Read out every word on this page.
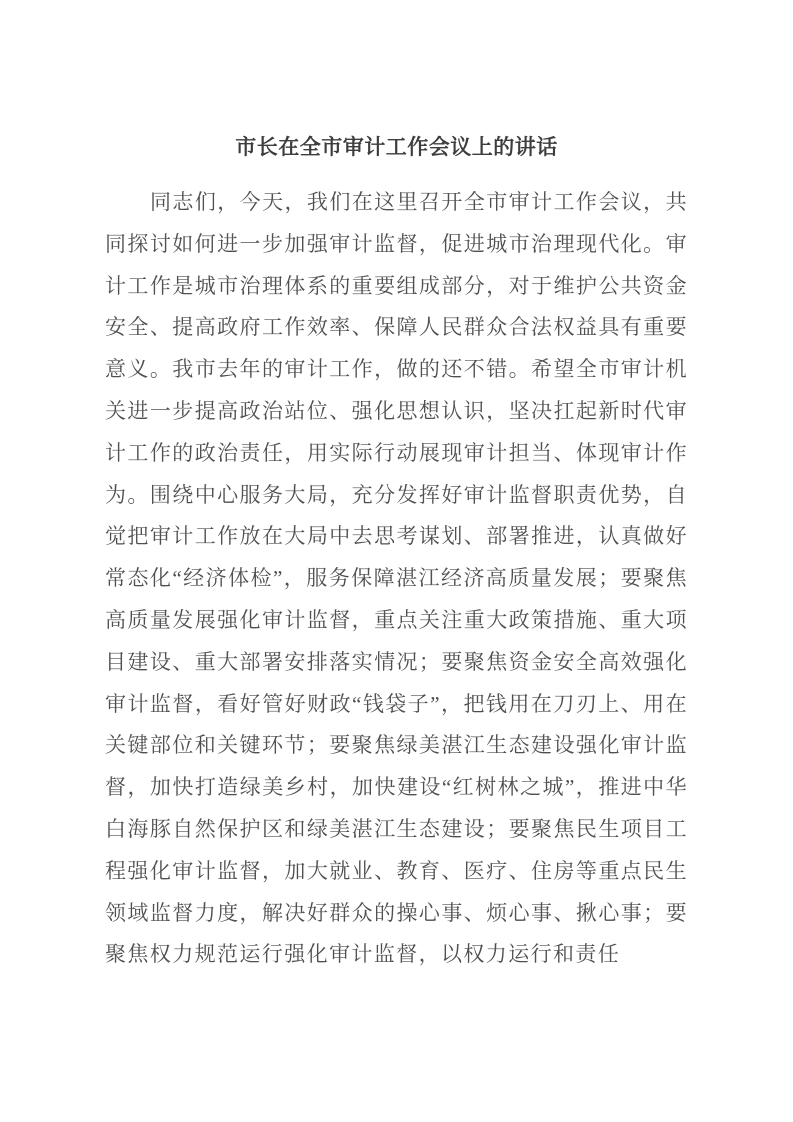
市长在全市审计工作会议上的讲话

同志们，今天，我们在这里召开全市审计工作会议，共同探讨如何进一步加强审计监督，促进城市治理现代化。审计工作是城市治理体系的重要组成部分，对于维护公共资金安全、提高政府工作效率、保障人民群众合法权益具有重要意义。我市去年的审计工作，做的还不错。希望全市审计机关进一步提高政治站位、强化思想认识，坚决扛起新时代审计工作的政治责任，用实际行动展现审计担当、体现审计作为。围绕中心服务大局，充分发挥好审计监督职责优势，自觉把审计工作放在大局中去思考谋划、部署推进，认真做好常态化“经济体检”，服务保障湛江经济高质量发展；要聚焦高质量发展强化审计监督，重点关注重大政策措施、重大项目建设、重大部署安排落实情况；要聚焦资金安全高效强化审计监督，看好管好财政“钱袋子”，把钱用在刀刃上、用在关键部位和关键环节；要聚焦绿美湛江生态建设强化审计监督，加快打造绿美乡村，加快建设“红树林之城”，推进中华白海豚自然保护区和绿美湛江生态建设；要聚焦民生项目工程强化审计监督，加大就业、教育、医疗、住房等重点民生领域监督力度，解决好群众的操心事、烦心事、揪心事；要聚焦权力规范运行强化审计监督，以权力运行和责任
